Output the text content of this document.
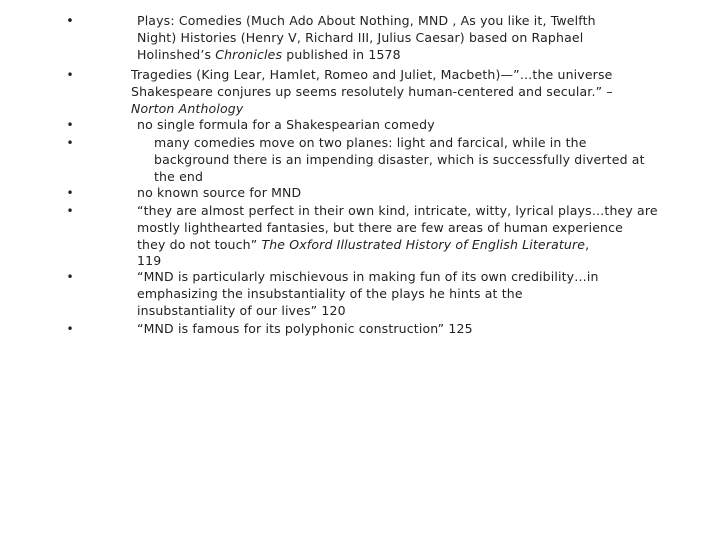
•
•
•
•
•
•
•
•
Plays: Comedies (Much Ado About Nothing, MND , As you like it, Twelfth
Night) Histories (Henry V, Richard III, Julius Caesar) based on Raphael
Holinshed’s Chronicles published in 1578
Tragedies (King Lear, Hamlet, Romeo and Juliet, Macbeth)—”…the universe
Shakespeare conjures up seems resolutely human-centered and secular.” –
Norton Anthology
no single formula for a Shakespearian comedy
many comedies move on two planes: light and farcical, while in the
background there is an impending disaster, which is successfully diverted at
the end
no known source for MND
“they are almost perfect in their own kind, intricate, witty, lyrical plays…they are
mostly lighthearted fantasies, but there are few areas of human experience
they do not touch” The Oxford Illustrated History of English Literature,
119
“MND is particularly mischievous in making fun of its own credibility…in
emphasizing the insubstantiality of the plays he hints at the
insubstantiality of our lives” 120
“MND is famous for its polyphonic construction” 125
